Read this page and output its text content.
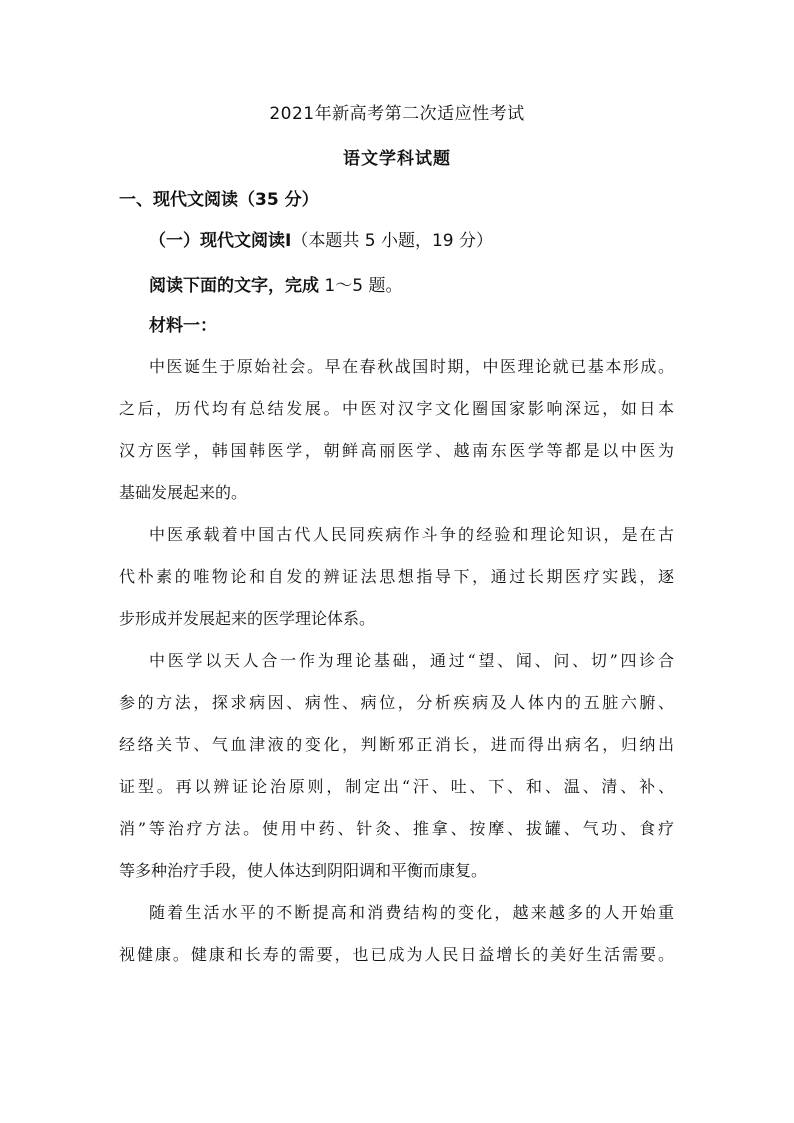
2021年新高考第二次适应性考试
语文学科试题
一、现代文阅读（35 分）
（一）现代文阅读Ⅰ（本题共 5 小题，19 分）
阅读下面的文字，完成 1～5 题。
材料一：
中医诞生于原始社会。早在春秋战国时期，中医理论就已基本形成。
之后，历代均有总结发展。中医对汉字文化圈国家影响深远，如日本
汉方医学，韩国韩医学，朝鲜高丽医学、越南东医学等都是以中医为
基础发展起来的。
中医承载着中国古代人民同疾病作斗争的经验和理论知识，是在古
代朴素的唯物论和自发的辨证法思想指导下，通过长期医疗实践，逐
步形成并发展起来的医学理论体系。
中医学以天人合一作为理论基础，通过“望、闻、问、切”四诊合
参的方法，探求病因、病性、病位，分析疾病及人体内的五脏六腑、
经络关节、气血津液的变化，判断邪正消长，进而得出病名，归纳出
证型。再以辨证论治原则，制定出“汗、吐、下、和、温、清、补、
消”等治疗方法。使用中药、针灸、推拿、按摩、拔罐、气功、食疗
等多种治疗手段，使人体达到阴阳调和平衡而康复。
随着生活水平的不断提高和消费结构的变化，越来越多的人开始重
视健康。健康和长寿的需要，也已成为人民日益增长的美好生活需要。
